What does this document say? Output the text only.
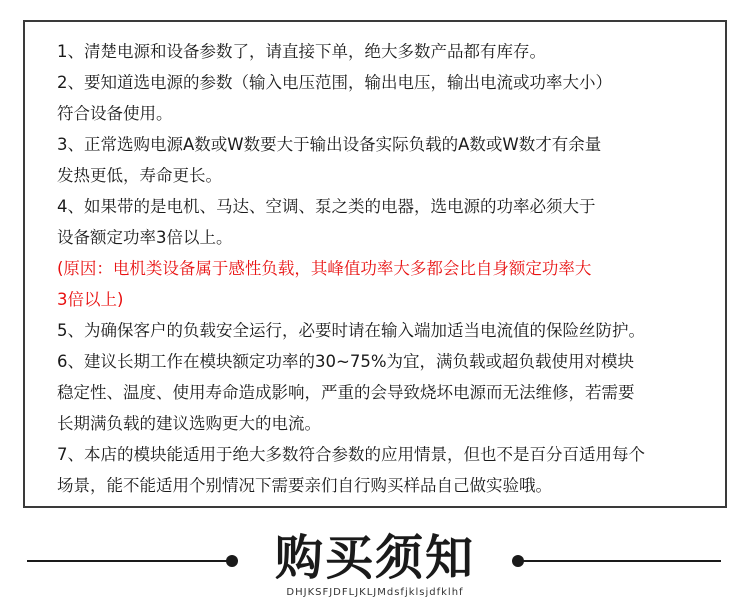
1、清楚电源和设备参数了，请直接下单，绝大多数产品都有库存。
2、要知道选电源的参数（输入电压范围，输出电压，输出电流或功率大小）
符合设备使用。
3、正常选购电源A数或W数要大于输出设备实际负载的A数或W数才有余量
发热更低，寿命更长。
4、如果带的是电机、马达、空调、泵之类的电器，选电源的功率必须大于
设备额定功率3倍以上。
(原因：电机类设备属于感性负载，其峰值功率大多都会比自身额定功率大
3倍以上)
5、为确保客户的负载安全运行，必要时请在输入端加适当电流值的保险丝防护。
6、建议长期工作在模块额定功率的30~75%为宜，满负载或超负载使用对模块
稳定性、温度、使用寿命造成影响，严重的会导致烧坏电源而无法维修，若需要
长期满负载的建议选购更大的电流。
7、本店的模块能适用于绝大多数符合参数的应用情景，但也不是百分百适用每个
场景，能不能适用个别情况下需要亲们自行购买样品自己做实验哦。
购买须知
DHJKSFJDFLJKLJMdsfjklsjdfklhf
